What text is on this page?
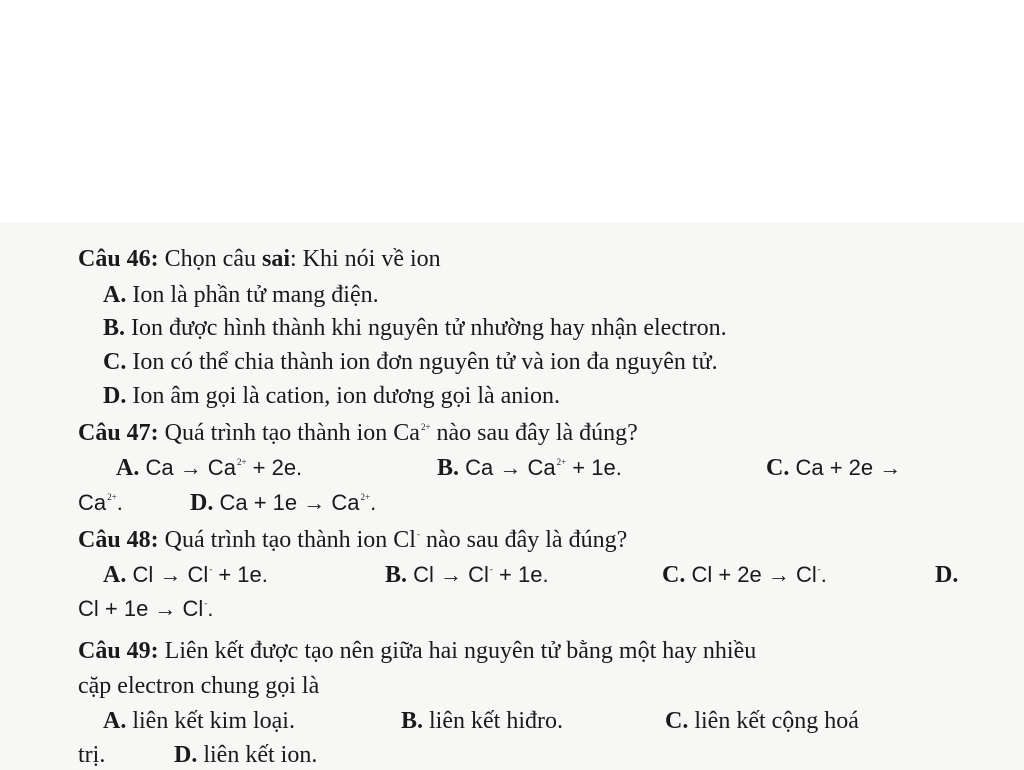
Câu 46: Chọn câu sai: Khi nói về ion
A. Ion là phần tử mang điện.
B. Ion được hình thành khi nguyên tử nhường hay nhận electron.
C. Ion có thể chia thành ion đơn nguyên tử và ion đa nguyên tử.
D. Ion âm gọi là cation, ion dương gọi là anion.
Câu 47: Quá trình tạo thành ion $Ca^{2+}$ nào sau đây là đúng?
A. $Ca \to Ca^{2+} + 2e$.	B. $Ca \to Ca^{2+} + 1e$.	C. Ca + 2e →
$Ca^{2+}$.	D. $Ca + 1e \to Ca^{2+}$.
Câu 48: Quá trình tạo thành ion Cl- nào sau đây là đúng?
A. Cl → Cl- + 1e.	B. Cl → Cl- + 1e.	C. Cl + 2e → Cl-.	D.
Cl + 1e → Cl-.
Câu 49: Liên kết được tạo nên giữa hai nguyên tử bằng một hay nhiều
cặp electron chung gọi là
A. liên kết kim loại.	B. liên kết hiđro.	C. liên kết cộng hoá
trị.	D. liên kết ion.
